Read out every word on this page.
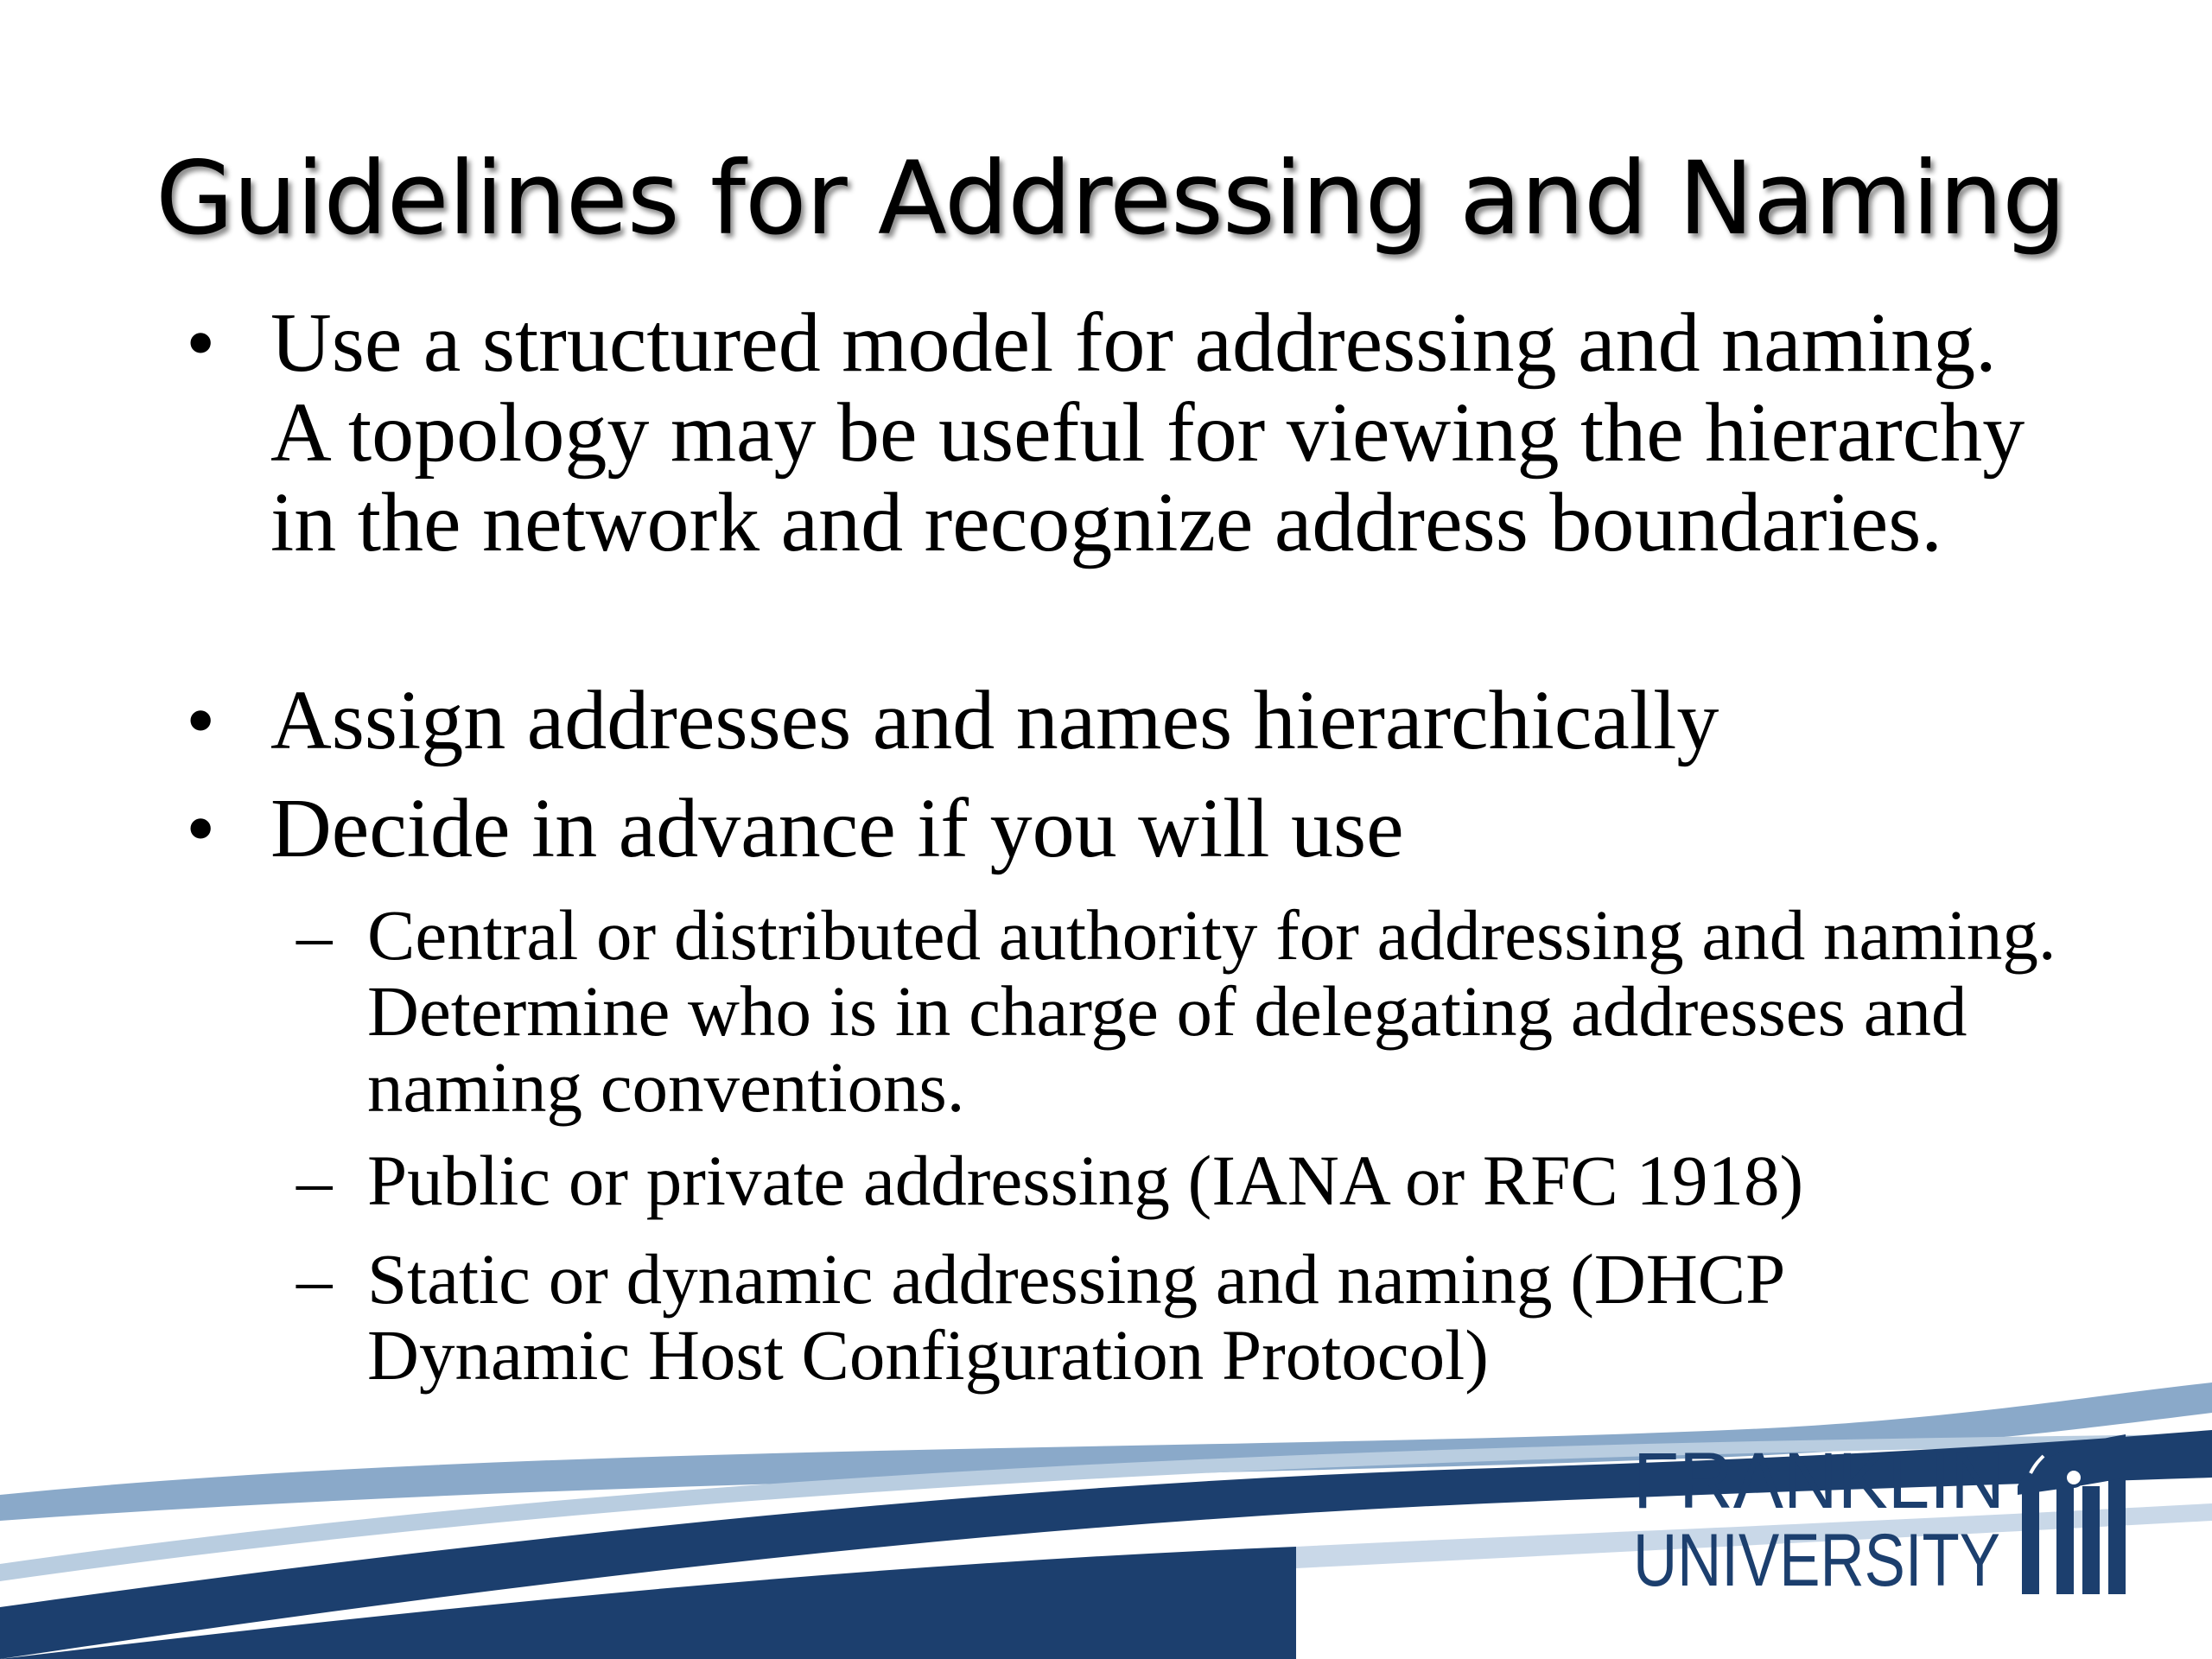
Guidelines for Addressing and Naming
• Use a structured model for addressing and naming. A topology may be useful for viewing the hierarchy in the network and recognize address boundaries.
• Assign addresses and names hierarchically
• Decide in advance if you will use
– Central or distributed authority for addressing and naming. Determine who is in charge of delegating addresses and naming conventions.
– Public or private addressing (IANA or RFC 1918)
– Static or dynamic addressing and naming (DHCP Dynamic Host Configuration Protocol)
FRANKLIN
UNIVERSITY
